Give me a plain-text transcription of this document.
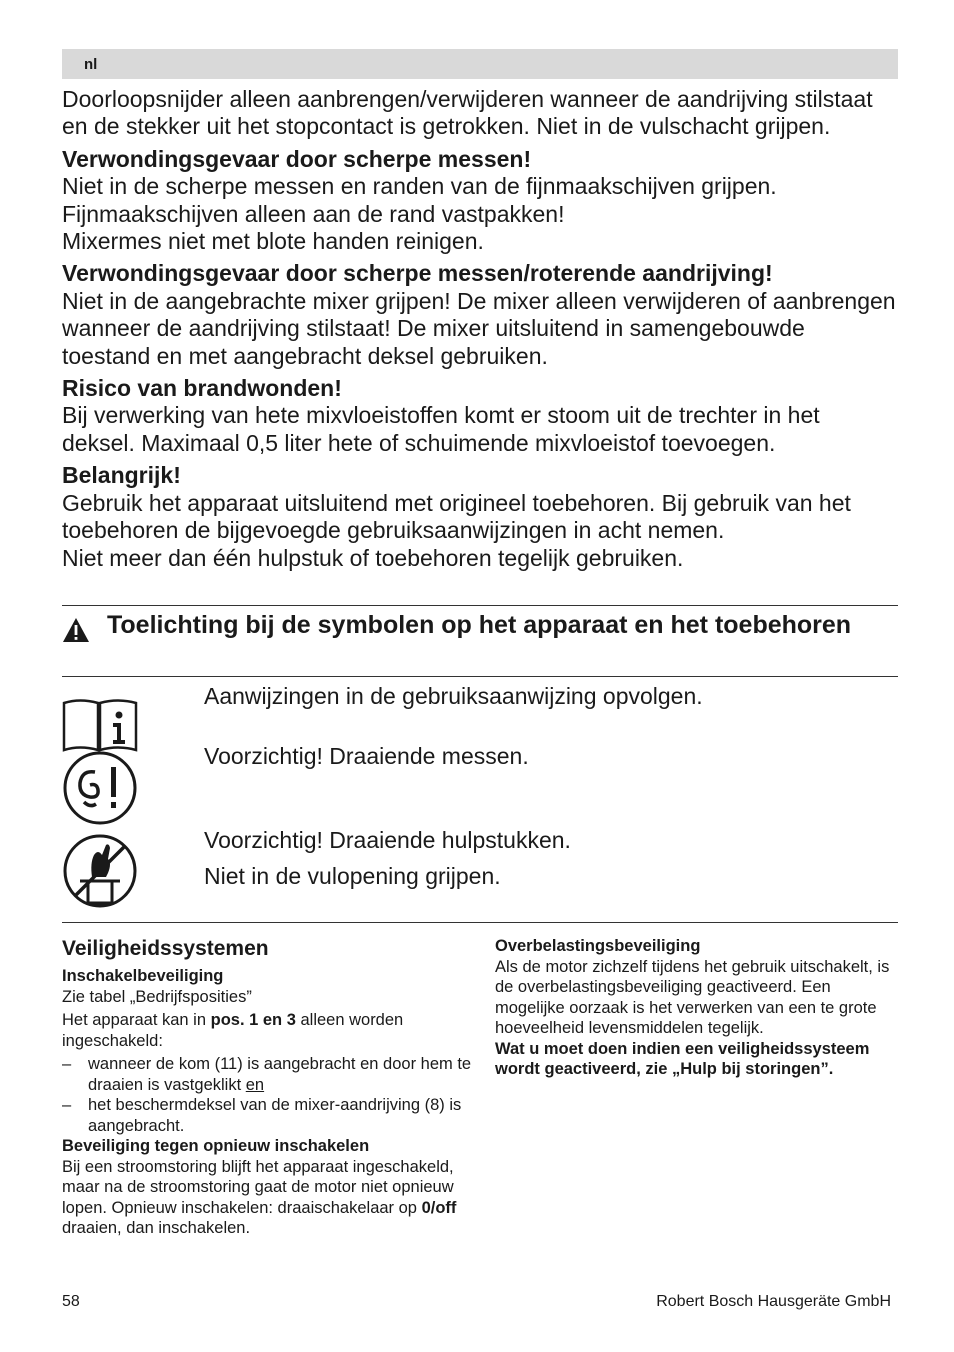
nl

Doorloopsnijder alleen aanbrengen/verwijderen wanneer de aandrijving stilstaat en de stekker uit het stopcontact is getrokken. Niet in de vulschacht grijpen.

Verwondingsgevaar door scherpe messen!

Niet in de scherpe messen en randen van de fijnmaakschijven grijpen.

Fijnmaakschijven alleen aan de rand vastpakken!

Mixermes niet met blote handen reinigen.

Verwondingsgevaar door scherpe messen/roterende aandrijving!

Niet in de aangebrachte mixer grijpen! De mixer alleen verwijderen of aanbrengen wanneer de aandrijving stilstaat! De mixer uitsluitend in samengebouwde toestand en met aangebracht deksel gebruiken.

Risico van brandwonden!

Bij verwerking van hete mixvloeistoffen komt er stoom uit de trechter in het deksel. Maximaal 0,5 liter hete of schuimende mixvloeistof toevoegen.

Belangrijk!

Gebruik het apparaat uitsluitend met origineel toebehoren. Bij gebruik van het toebehoren de bijgevoegde gebruiksaanwijzingen in acht nemen.

Niet meer dan één hulpstuk of toebehoren tegelijk gebruiken.

Toelichting bij de symbolen op het apparaat en het toebehoren

Aanwijzingen in de gebruiksaanwijzing opvolgen.

Voorzichtig! Draaiende messen.

Voorzichtig! Draaiende hulpstukken.

Niet in de vulopening grijpen.

Veiligheidssystemen

Inschakelbeveiliging

Zie tabel „Bedrijfsposities”

Het apparaat kan in pos. 1 en 3 alleen worden ingeschakeld:

– wanneer de kom (11) is aangebracht en door hem te draaien is vastgeklikt en

– het beschermdeksel van de mixer-aandrijving (8) is aangebracht.

Beveiliging tegen opnieuw inschakelen

Bij een stroomstoring blijft het apparaat ingeschakeld, maar na de stroomstoring gaat de motor niet opnieuw lopen. Opnieuw inschakelen: draaischakelaar op 0/off draaien, dan inschakelen.

Overbelastingsbeveiliging

Als de motor zichzelf tijdens het gebruik uitschakelt, is de overbelastingsbeveiliging geactiveerd. Een mogelijke oorzaak is het verwerken van een te grote hoeveelheid levensmiddelen tegelijk.

Wat u moet doen indien een veiligheidssysteem wordt geactiveerd, zie „Hulp bij storingen”.

58	Robert Bosch Hausgeräte GmbH
